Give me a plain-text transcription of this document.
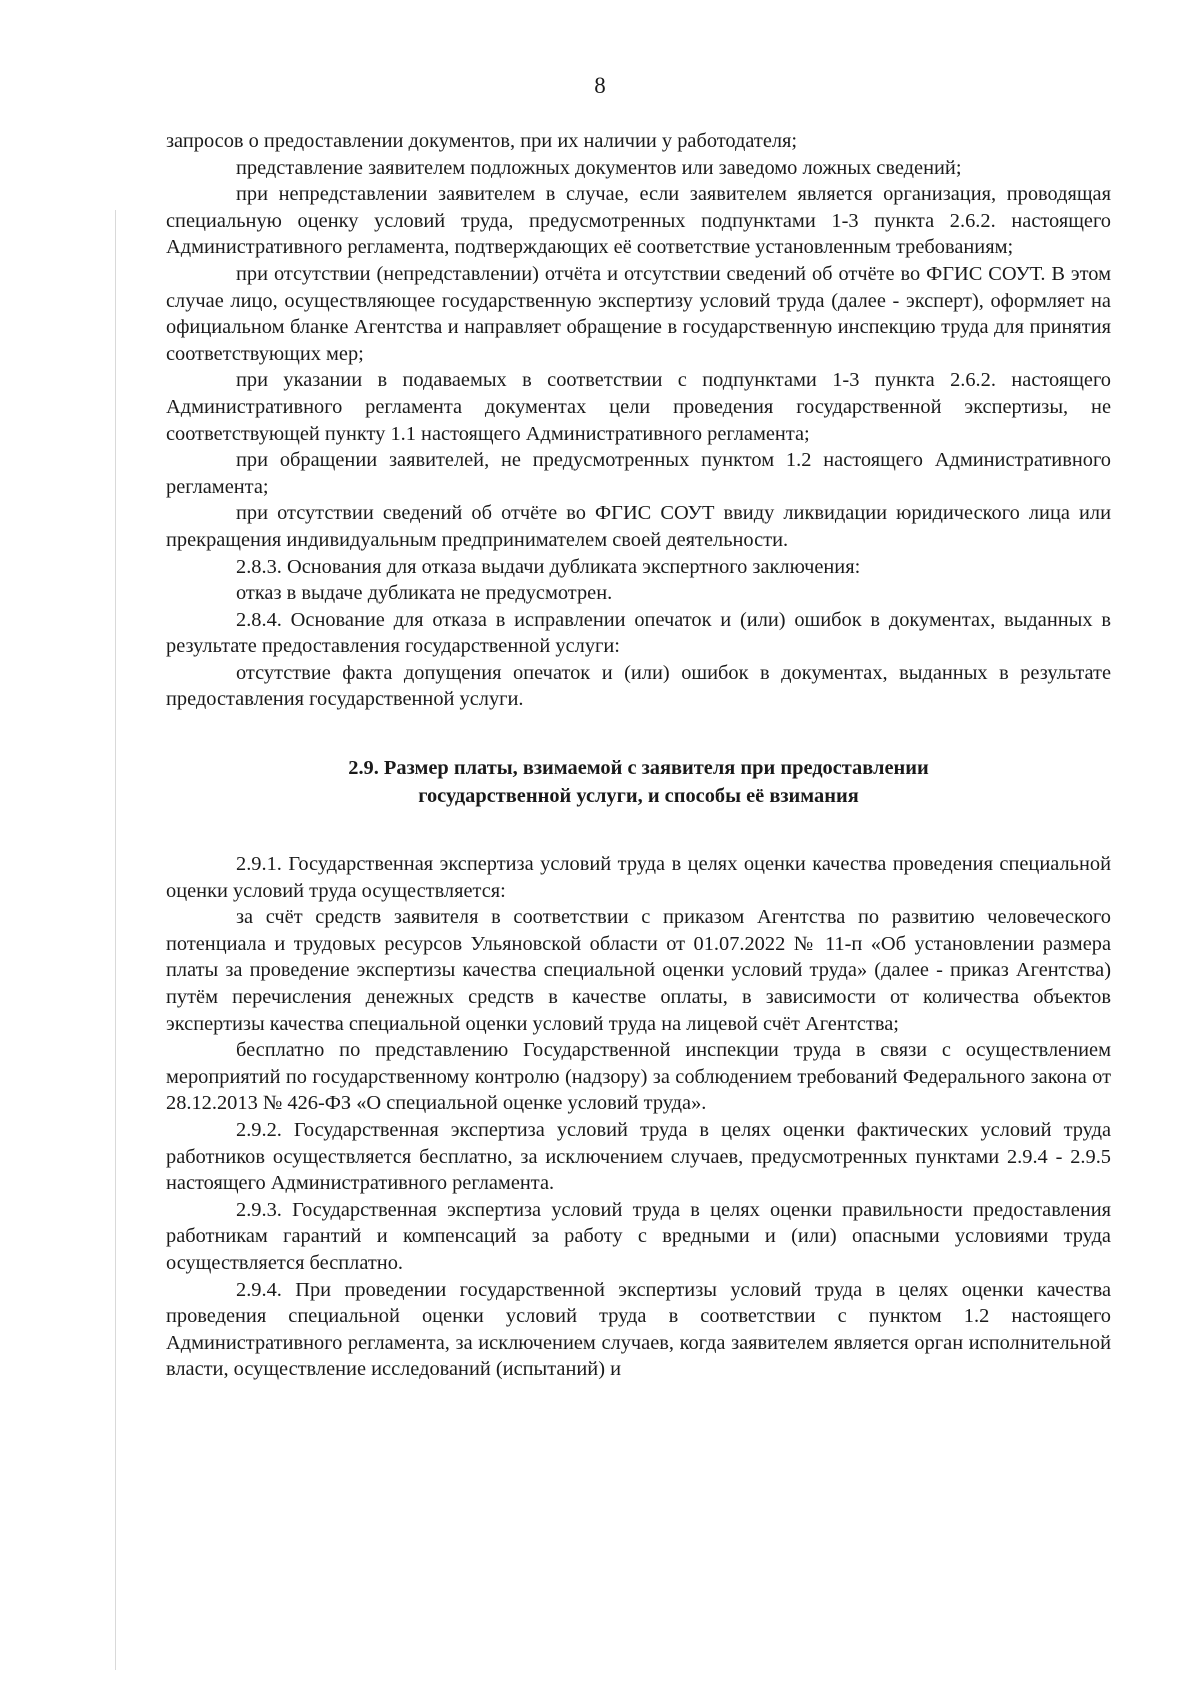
8

запросов о предоставлении документов, при их наличии у работодателя;

представление заявителем подложных документов или заведомо ложных сведений;

при непредставлении заявителем в случае, если заявителем является организация, проводящая специальную оценку условий труда, предусмотренных подпунктами 1-3 пункта 2.6.2. настоящего Административного регламента, подтверждающих её соответствие установленным требованиям;

при отсутствии (непредставлении) отчёта и отсутствии сведений об отчёте во ФГИС СОУТ. В этом случае лицо, осуществляющее государственную экспертизу условий труда (далее - эксперт), оформляет на официальном бланке Агентства и направляет обращение в государственную инспекцию труда для принятия соответствующих мер;

при указании в подаваемых в соответствии с подпунктами 1-3 пункта 2.6.2. настоящего Административного регламента документах цели проведения государственной экспертизы, не соответствующей пункту 1.1 настоящего Административного регламента;

при обращении заявителей, не предусмотренных пунктом 1.2 настоящего Административного регламента;

при отсутствии сведений об отчёте во ФГИС СОУТ ввиду ликвидации юридического лица или прекращения индивидуальным предпринимателем своей деятельности.

2.8.3. Основания для отказа выдачи дубликата экспертного заключения:

отказ в выдаче дубликата не предусмотрен.

2.8.4. Основание для отказа в исправлении опечаток и (или) ошибок в документах, выданных в результате предоставления государственной услуги:

отсутствие факта допущения опечаток и (или) ошибок в документах, выданных в результате предоставления государственной услуги.

2.9. Размер платы, взимаемой с заявителя при предоставлении
государственной услуги, и способы её взимания

2.9.1. Государственная экспертиза условий труда в целях оценки качества проведения специальной оценки условий труда осуществляется:

за счёт средств заявителя в соответствии с приказом Агентства по развитию человеческого потенциала и трудовых ресурсов Ульяновской области от 01.07.2022 № 11-п «Об установлении размера платы за проведение экспертизы качества специальной оценки условий труда» (далее - приказ Агентства) путём перечисления денежных средств в качестве оплаты, в зависимости от количества объектов экспертизы качества специальной оценки условий труда на лицевой счёт Агентства;

бесплатно по представлению Государственной инспекции труда в связи с осуществлением мероприятий по государственному контролю (надзору) за соблюдением требований Федерального закона от 28.12.2013 № 426-ФЗ «О специальной оценке условий труда».

2.9.2. Государственная экспертиза условий труда в целях оценки фактических условий труда работников осуществляется бесплатно, за исключением случаев, предусмотренных пунктами 2.9.4 - 2.9.5 настоящего Административного регламента.

2.9.3. Государственная экспертиза условий труда в целях оценки правильности предоставления работникам гарантий и компенсаций за работу с вредными и (или) опасными условиями труда осуществляется бесплатно.

2.9.4. При проведении государственной экспертизы условий труда в целях оценки качества проведения специальной оценки условий труда в соответствии с пунктом 1.2 настоящего Административного регламента, за исключением случаев, когда заявителем является орган исполнительной власти, осуществление исследований (испытаний) и
